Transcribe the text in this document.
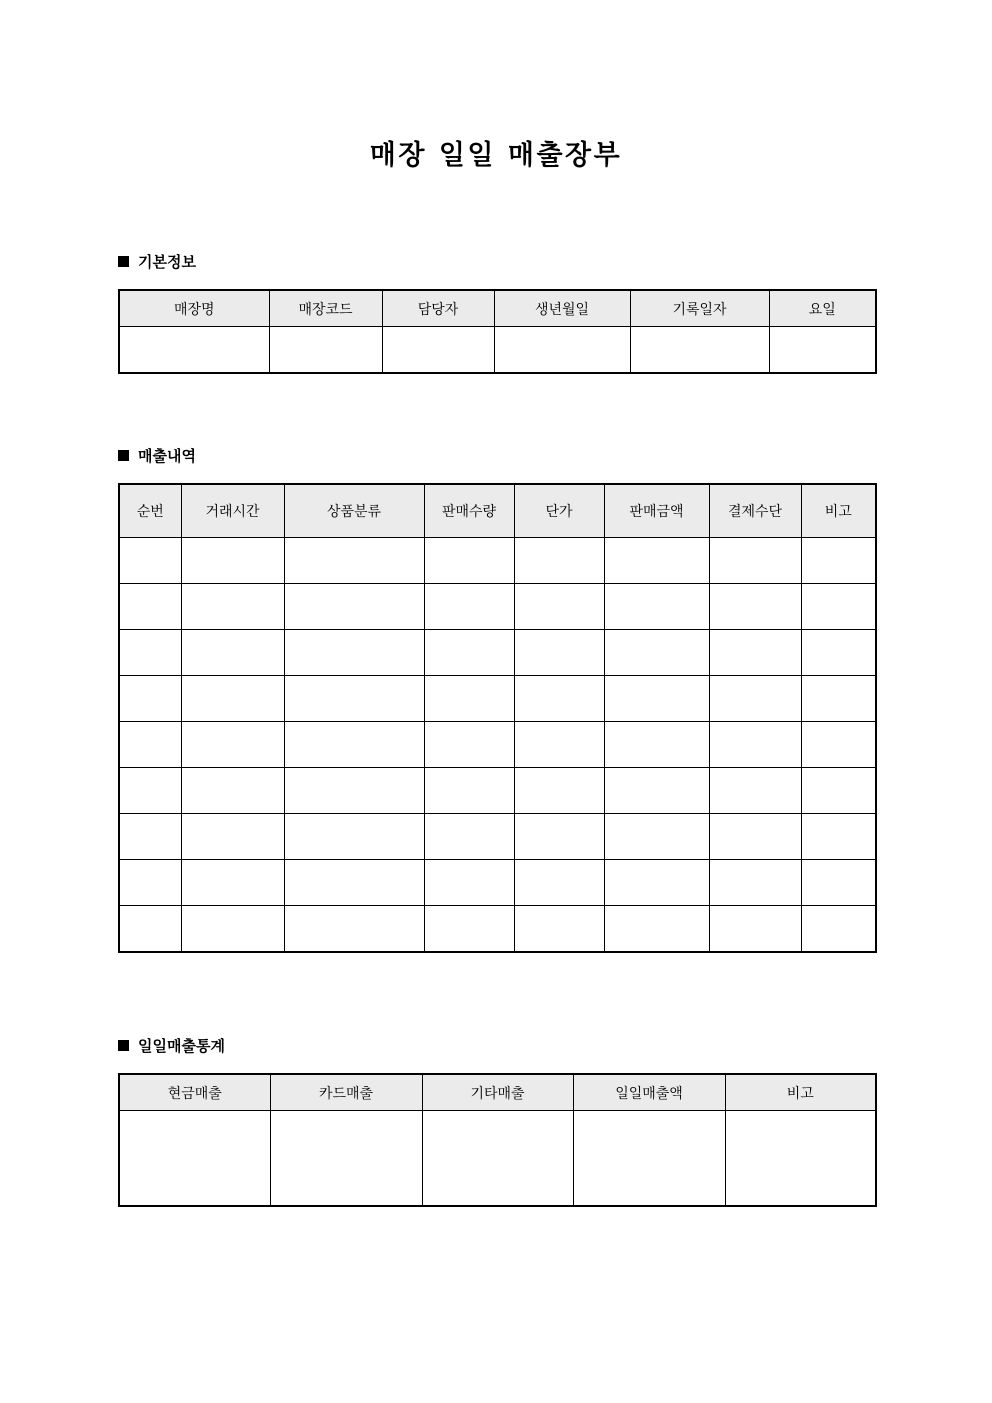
매장 일일 매출장부
기본정보
매장명	매장코드	담당자	생년월일	기록일자	요일

매출내역
순번	거래시간	상품분류	판매수량	단가	판매금액	결제수단	비고

일일매출통계
현금매출	카드매출	기타매출	일일매출액	비고
